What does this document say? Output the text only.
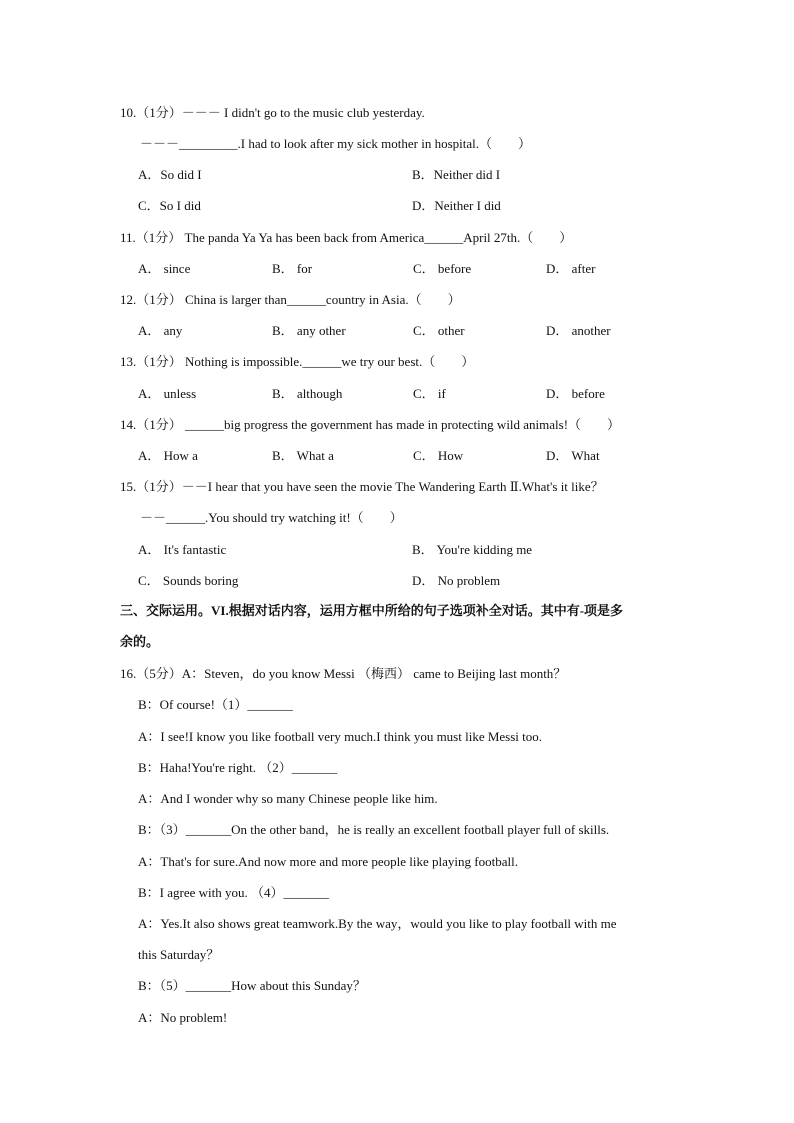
10.（1分）－－－ I didn't go to the music club yesterday.
－－－_________.I had to look after my sick mother in hospital.（　　）
A．So did I	B．Neither did I
C．So I did	D．Neither I did
11.（1分） The panda Ya Ya has been back from America______April 27th.（　　）
A． since	B． for	C． before	D． after
12.（1分） China is larger than______country in Asia.（　　）
A． any	B． any other	C． other	D． another
13.（1分） Nothing is impossible.______we try our best.（　　）
A． unless	B． although	C． if	D． before
14.（1分） ______big progress the government has made in protecting wild animals!（　　）
A． How a	B． What a	C． How	D． What
15.（1分）－－I hear that you have seen the movie The Wandering Earth Ⅱ.What's it like？
－－______.You should try watching it!（　　）
A． It's fantastic	B． You're kidding me
C． Sounds boring	D． No problem
三、交际运用。VI.根据对话内容，运用方框中所给的句子选项补全对话。其中有-项是多
余的。
16.（5分）A：Steven，do you know Messi （梅西） came to Beijing last month？
B：Of course!（1）_______
A：I see!I know you like football very much.I think you must like Messi too.
B：Haha!You're right. （2）_______
A：And I wonder why so many Chinese people like him.
B：（3）_______On the other band，he is really an excellent football player full of skills.
A：That's for sure.And now more and more people like playing football.
B：I agree with you. （4）_______
A：Yes.It also shows great teamwork.By the way，would you like to play football with me
this Saturday？
B：（5）_______How about this Sunday？
A：No problem!
